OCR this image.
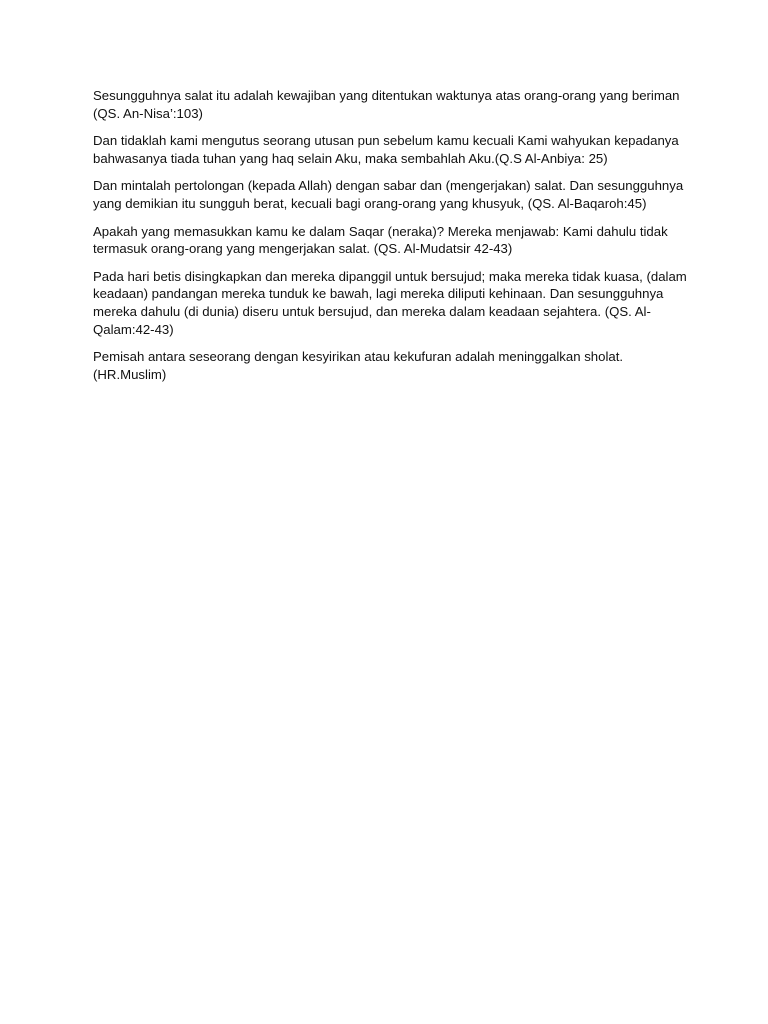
Sesungguhnya salat itu adalah kewajiban yang ditentukan waktunya atas orang-orang yang beriman
(QS. An-Nisa’:103)

Dan tidaklah kami mengutus seorang utusan pun sebelum kamu kecuali Kami wahyukan kepadanya
bahwasanya tiada tuhan yang haq selain Aku, maka sembahlah Aku.(Q.S Al-Anbiya: 25)

Dan mintalah pertolongan (kepada Allah) dengan sabar dan (mengerjakan) salat. Dan sesungguhnya
yang demikian itu sungguh berat, kecuali bagi orang-orang yang khusyuk, (QS. Al-Baqaroh:45)

Apakah yang memasukkan kamu ke dalam Saqar (neraka)? Mereka menjawab: Kami dahulu tidak
termasuk orang-orang yang mengerjakan salat. (QS. Al-Mudatsir 42-43)

Pada hari betis disingkapkan dan mereka dipanggil untuk bersujud; maka mereka tidak kuasa, (dalam
keadaan) pandangan mereka tunduk ke bawah, lagi mereka diliputi kehinaan. Dan sesungguhnya
mereka dahulu (di dunia) diseru untuk bersujud, dan mereka dalam keadaan sejahtera. (QS. Al-
Qalam:42-43)

Pemisah antara seseorang dengan kesyirikan atau kekufuran adalah meninggalkan sholat.
(HR.Muslim)
